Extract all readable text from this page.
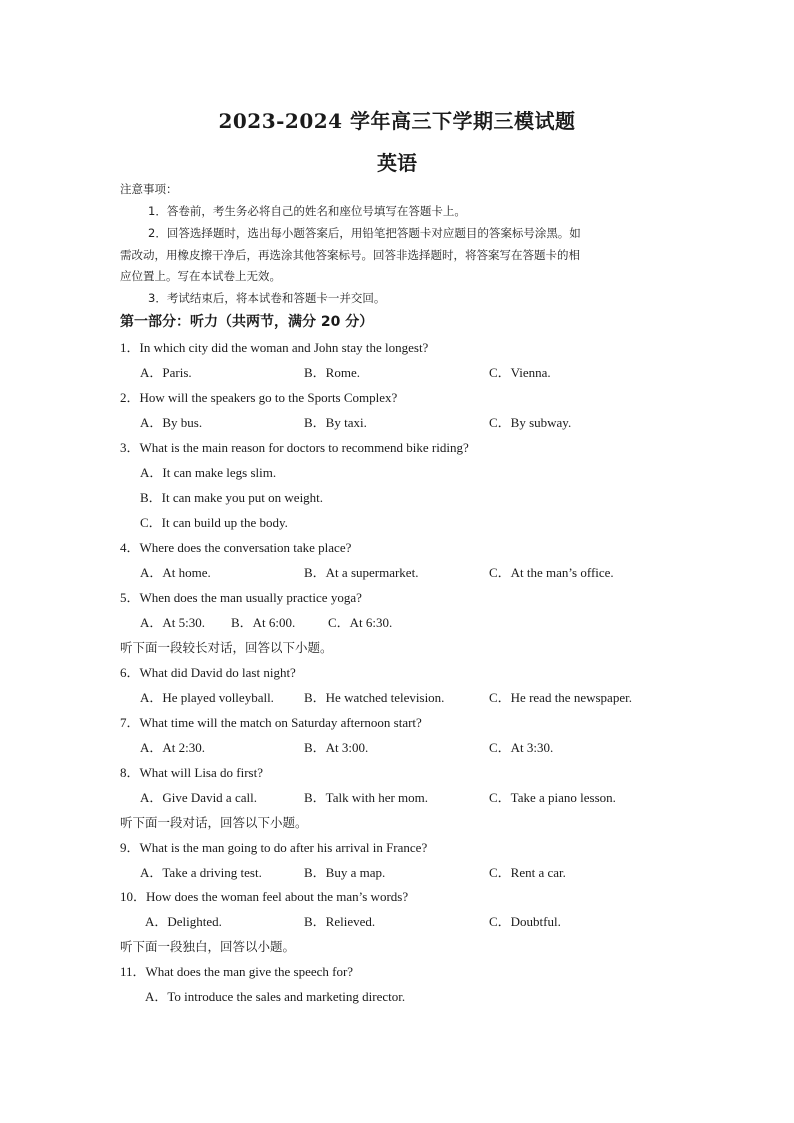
2023-2024 学年高三下学期三模试题
英语
注意事项：
1．答卷前，考生务必将自己的姓名和座位号填写在答题卡上。
2．回答选择题时，选出每小题答案后，用铅笔把答题卡对应题目的答案标号涂黑。如
需改动，用橡皮擦干净后，再选涂其他答案标号。回答非选择题时，将答案写在答题卡的相
应位置上。写在本试卷上无效。
3．考试结束后，将本试卷和答题卡一并交回。
第一部分：听力（共两节，满分 20 分）
1．In which city did the woman and John stay the longest?
A．Paris.	B．Rome.	C．Vienna.
2．How will the speakers go to the Sports Complex?
A．By bus.	B．By taxi.	C．By subway.
3．What is the main reason for doctors to recommend bike riding?
A．It can make legs slim.
B．It can make you put on weight.
C．It can build up the body.
4．Where does the conversation take place?
A．At home.	B．At a supermarket.	C．At the man’s office.
5．When does the man usually practice yoga?
A．At 5:30. B．At 6:00.	C．At 6:30.
听下面一段较长对话，回答以下小题。
6．What did David do last night?
A．He played volleyball. B．He watched television.	C．He read the newspaper.
7．What time will the match on Saturday afternoon start?
A．At 2:30.	B．At 3:00.	C．At 3:30.
8．What will Lisa do first?
A．Give David a call.	B．Talk with her mom.	C．Take a piano lesson.
听下面一段对话，回答以下小题。
9．What is the man going to do after his arrival in France?
A．Take a driving test.	B．Buy a map.	C．Rent a car.
10．How does the woman feel about the man’s words?
A．Delighted.	B．Relieved.	C．Doubtful.
听下面一段独白，回答以小题。
11．What does the man give the speech for?
A．To introduce the sales and marketing director.
